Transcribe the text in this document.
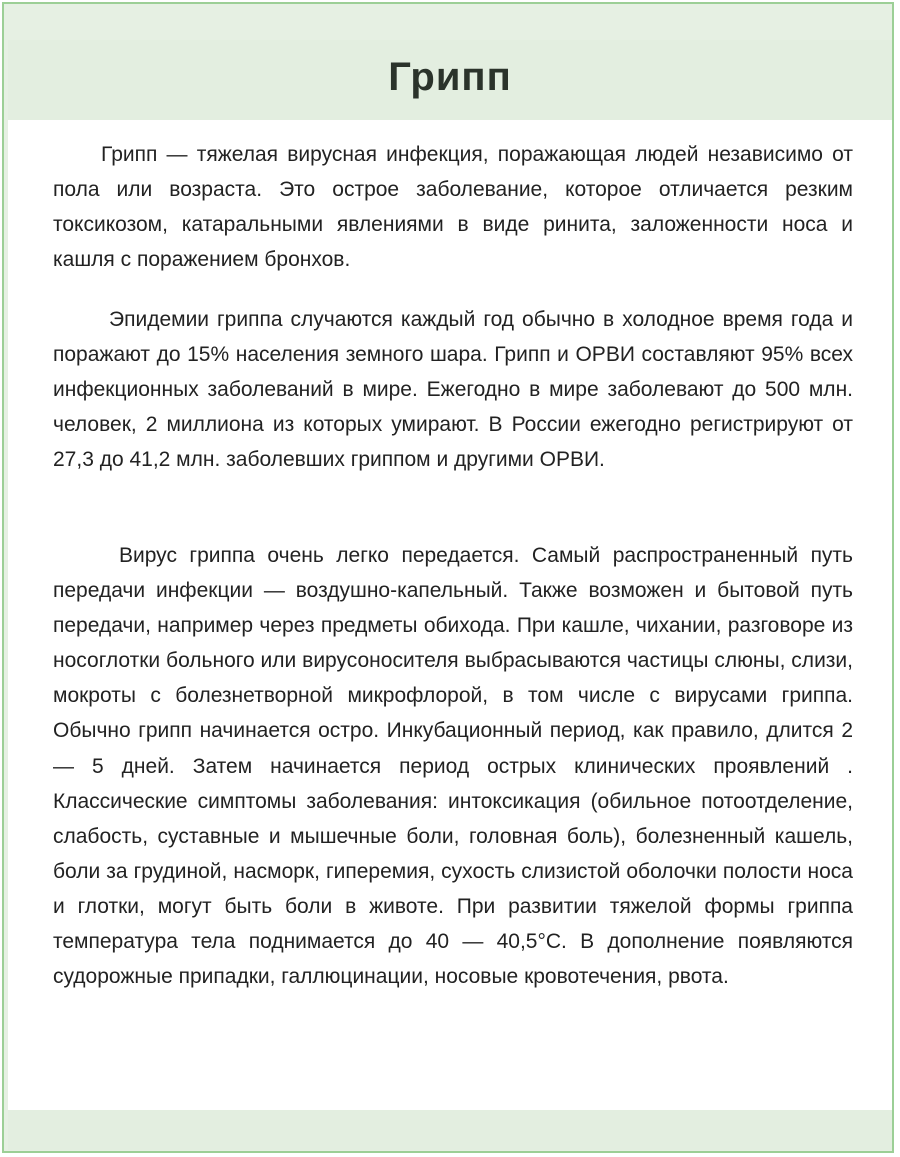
Грипп

Грипп — тяжелая вирусная инфекция, поражающая людей независимо от пола или возраста. Это острое заболевание, которое отличается резким токсикозом, катаральными явлениями в виде ринита, заложенности носа и кашля с поражением бронхов.

Эпидемии гриппа случаются каждый год обычно в холодное время года и поражают до 15% населения земного шара. Грипп и ОРВИ составляют 95% всех инфекционных заболеваний в мире. Ежегодно в мире заболевают до 500 млн. человек, 2 миллиона из которых умирают. В России ежегодно регистрируют от 27,3 до 41,2 млн. заболевших гриппом и другими ОРВИ.

Вирус гриппа очень легко передается. Самый распространенный путь передачи инфекции — воздушно-капельный. Также возможен и бытовой путь передачи, например через предметы обихода. При кашле, чихании, разговоре из носоглотки больного или вирусоносителя выбрасываются частицы слюны, слизи, мокроты с болезнетворной микрофлорой, в том числе с вирусами гриппа. Обычно грипп начинается остро. Инкубационный период, как правило, длится 2 — 5 дней. Затем начинается период острых клинических проявлений . Классические симптомы заболевания: интоксикация (обильное потоотделение, слабость, суставные и мышечные боли, головная боль), болезненный кашель, боли за грудиной, насморк, гиперемия, сухость слизистой оболочки полости носа и глотки, могут быть боли в животе. При развитии тяжелой формы гриппа температура тела поднимается до 40 — 40,5°С. В дополнение появляются судорожные припадки, галлюцинации, носовые кровотечения, рвота.
